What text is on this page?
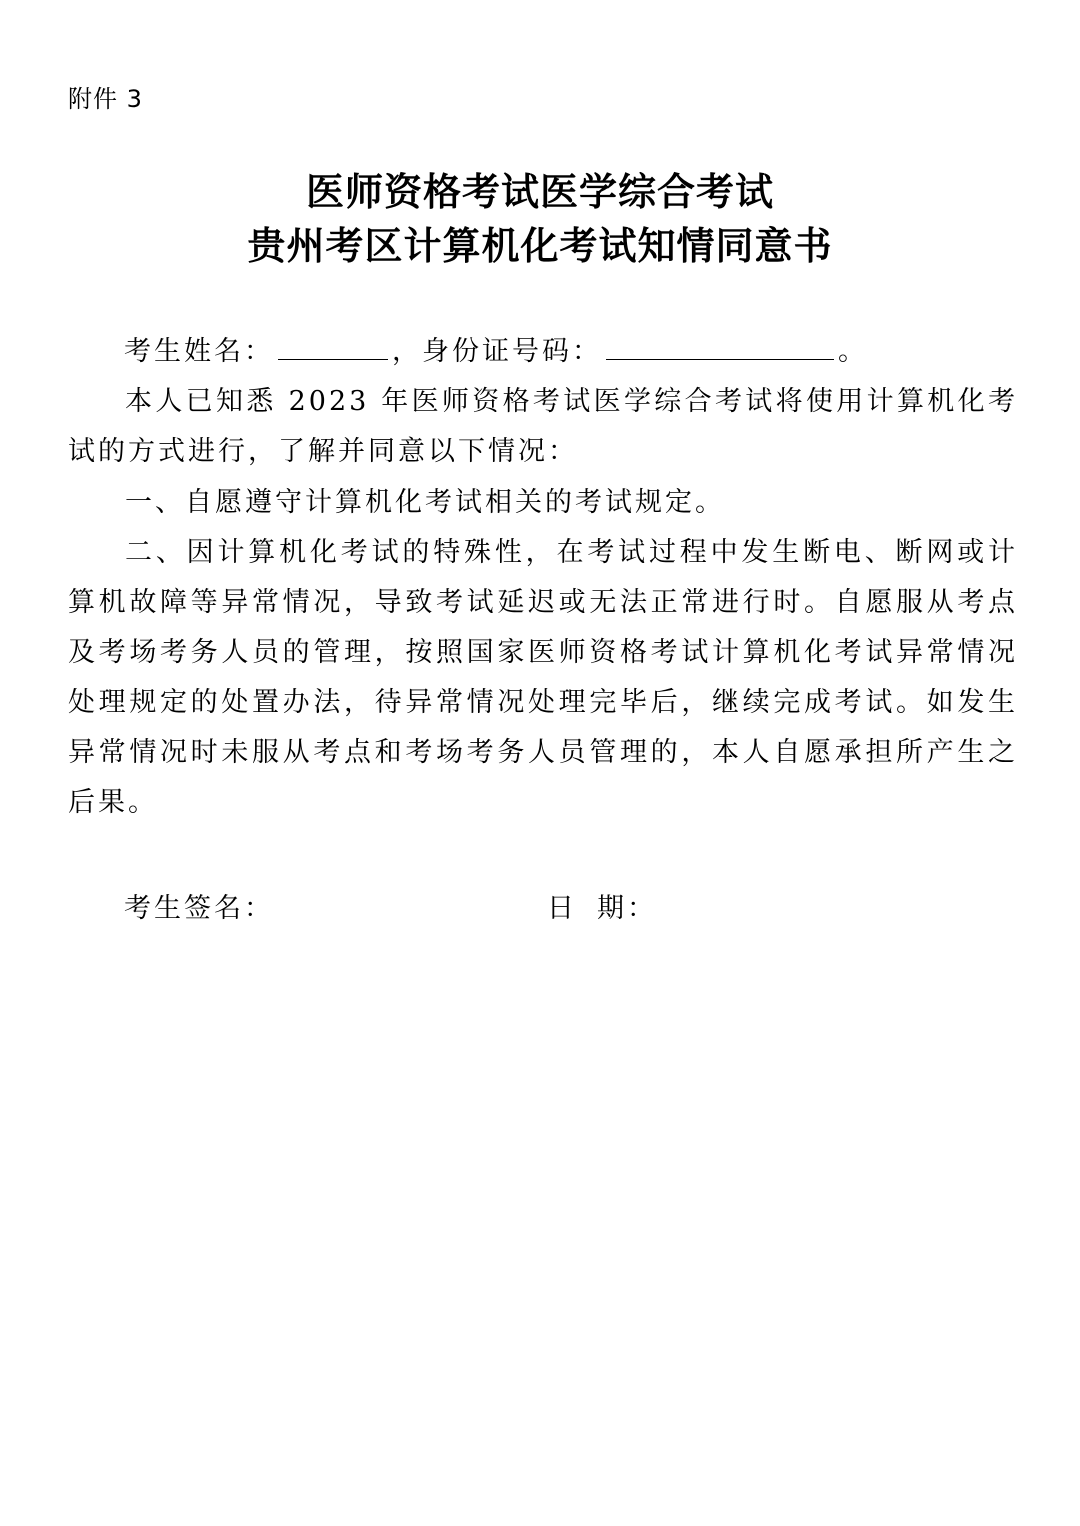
附件 3
医师资格考试医学综合考试
贵州考区计算机化考试知情同意书
考生姓名：	，身份证号码：	。
本人已知悉 2023 年医师资格考试医学综合考试将使用计算机化考试的方式进行，了解并同意以下情况：
一、自愿遵守计算机化考试相关的考试规定。
二、因计算机化考试的特殊性，在考试过程中发生断电、断网或计算机故障等异常情况，导致考试延迟或无法正常进行时。自愿服从考点及考场考务人员的管理，按照国家医师资格考试计算机化考试异常情况处理规定的处置办法，待异常情况处理完毕后，继续完成考试。如发生异常情况时未服从考点和考场考务人员管理的，本人自愿承担所产生之后果。
考生签名：	日 期：
